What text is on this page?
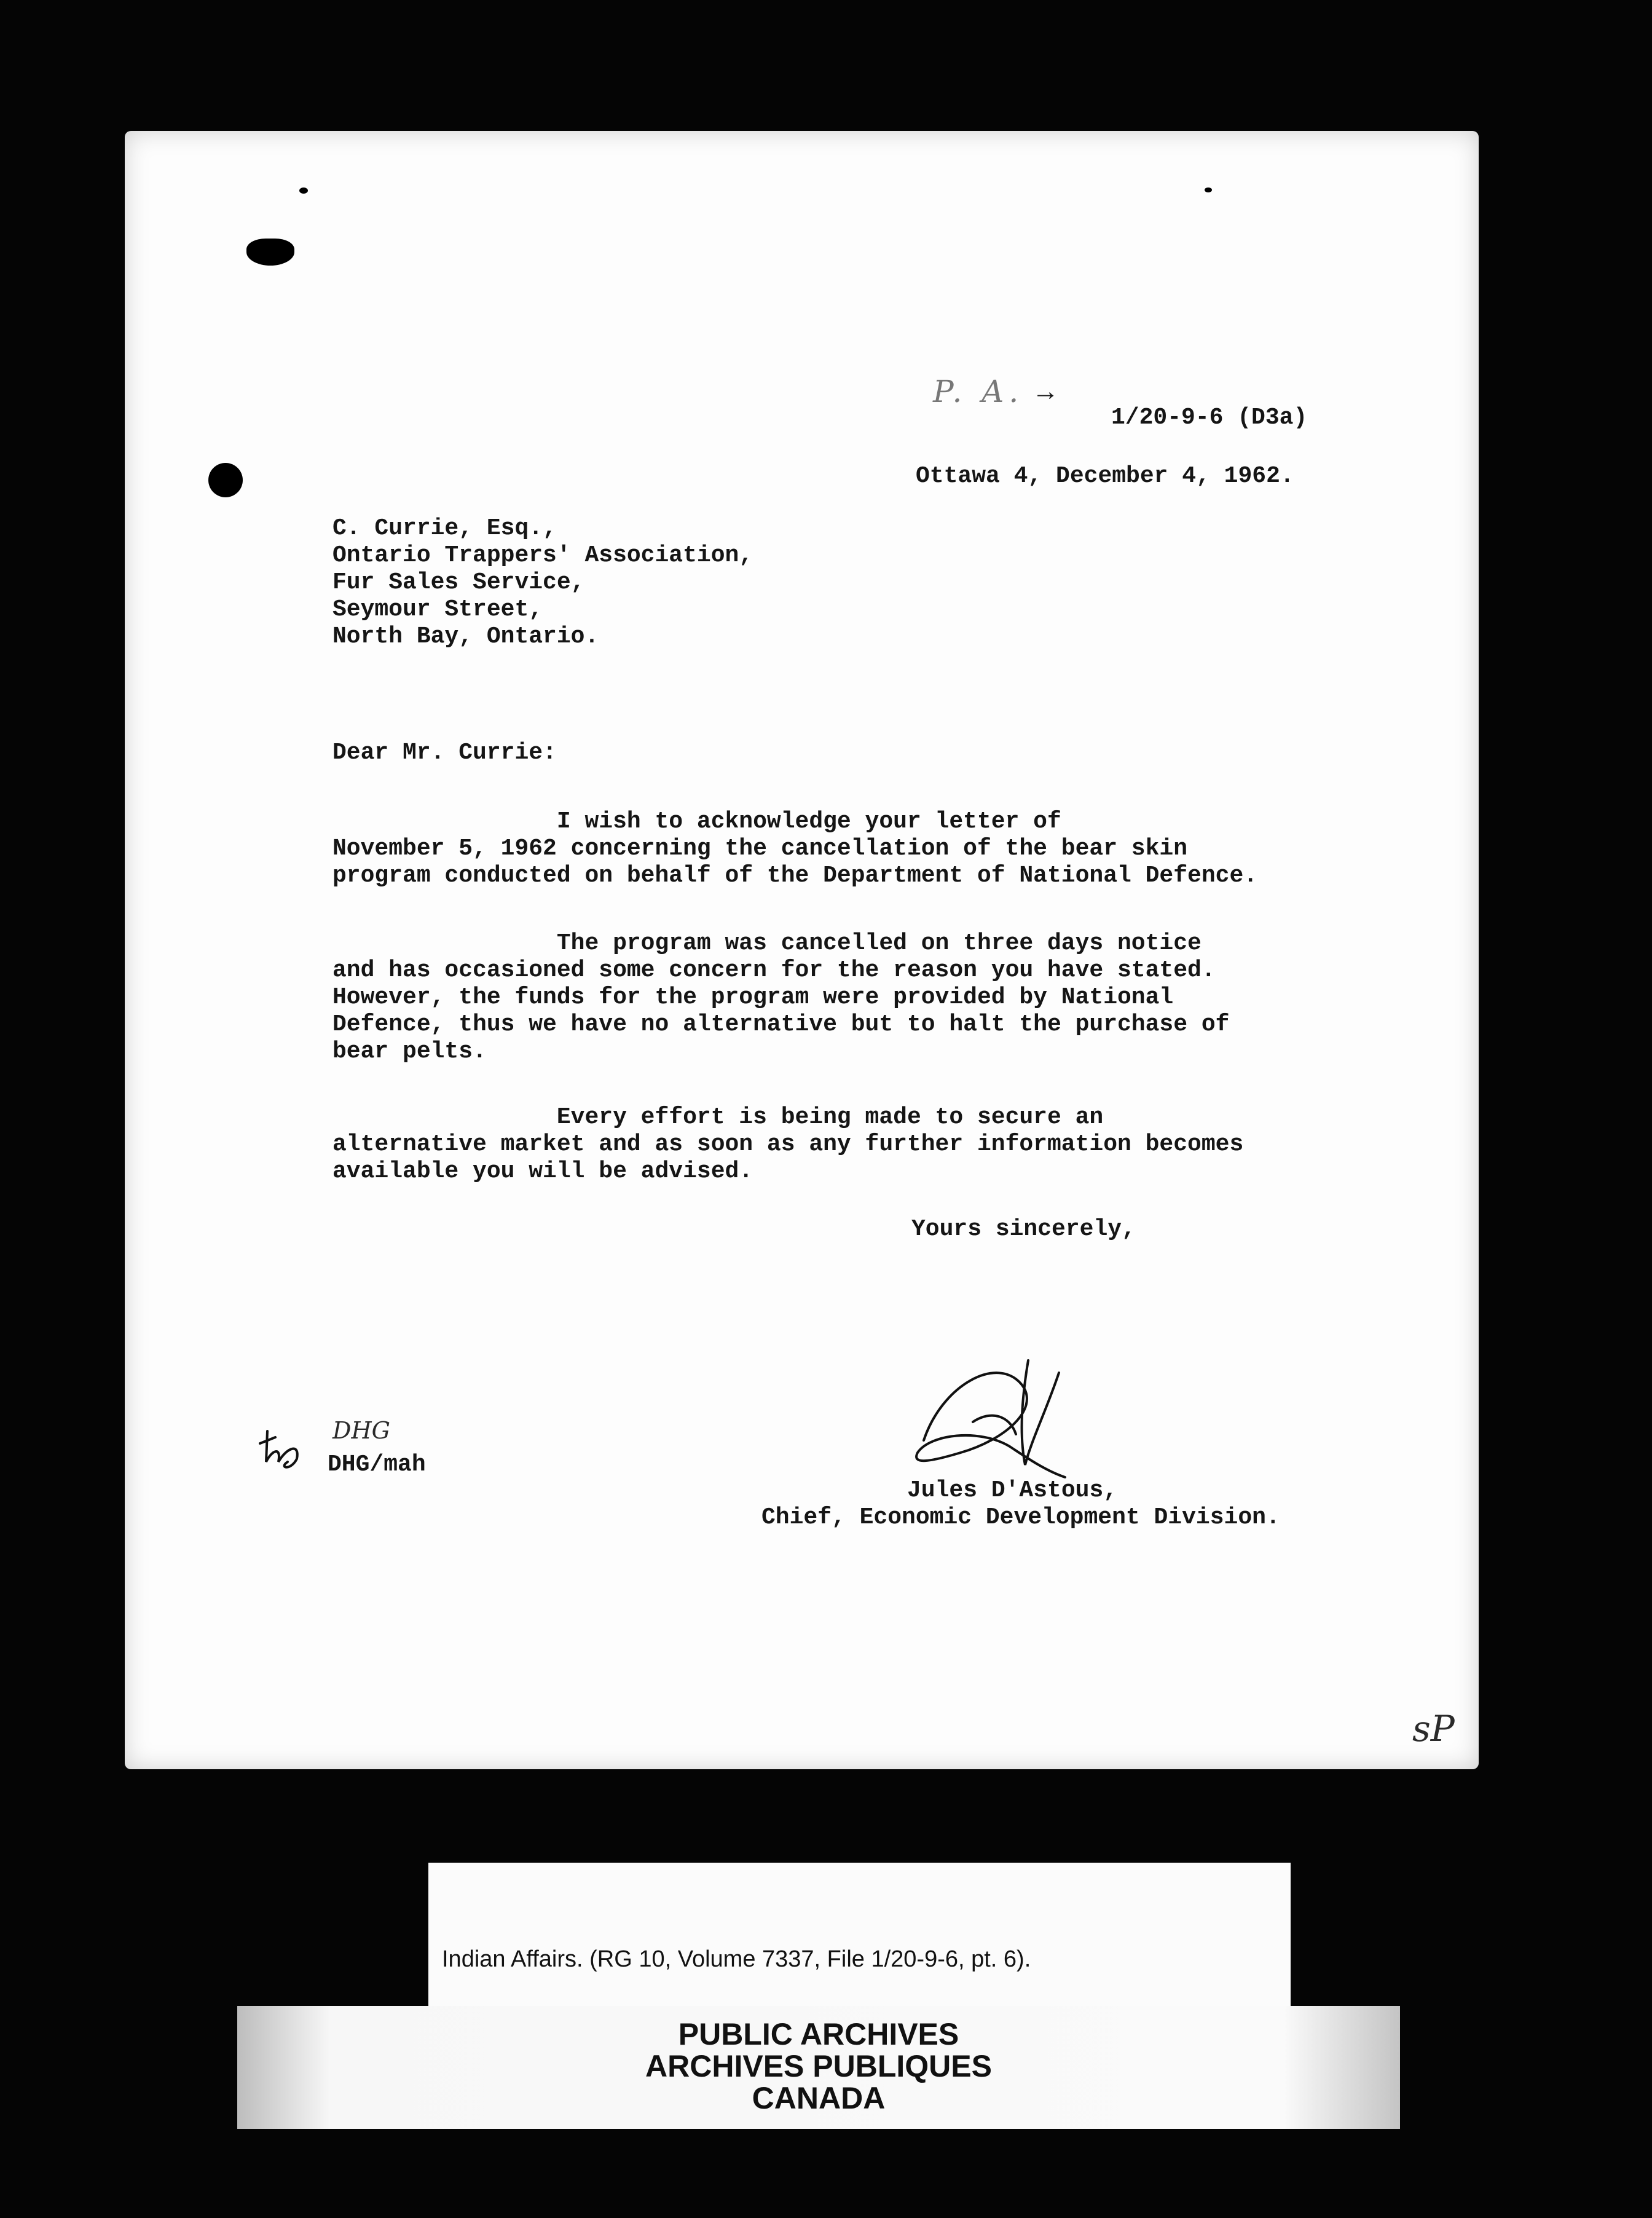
P. A. →
1/20-9-6 (D3a)
Ottawa 4, December 4, 1962.
C. Currie, Esq.,
Ontario Trappers' Association,
Fur Sales Service,
Seymour Street,
North Bay, Ontario.
Dear Mr. Currie:

I wish to acknowledge your letter of

November 5, 1962 concerning the cancellation of the bear skin

program conducted on behalf of the Department of National Defence.

The program was cancelled on three days notice

and has occasioned some concern for the reason you have stated.

However, the funds for the program were provided by National

Defence, thus we have no alternative but to halt the purchase of

bear pelts.

Every effort is being made to secure an

alternative market and as soon as any further information becomes

available you will be advised.

Yours sincerely,
Jules D'Astous,
Chief, Economic Development Division.
DHG
DHG/mah
sP
Indian Affairs. (RG 10, Volume 7337, File 1/20-9-6, pt. 6).
PUBLIC ARCHIVES
ARCHIVES PUBLIQUES
CANADA
